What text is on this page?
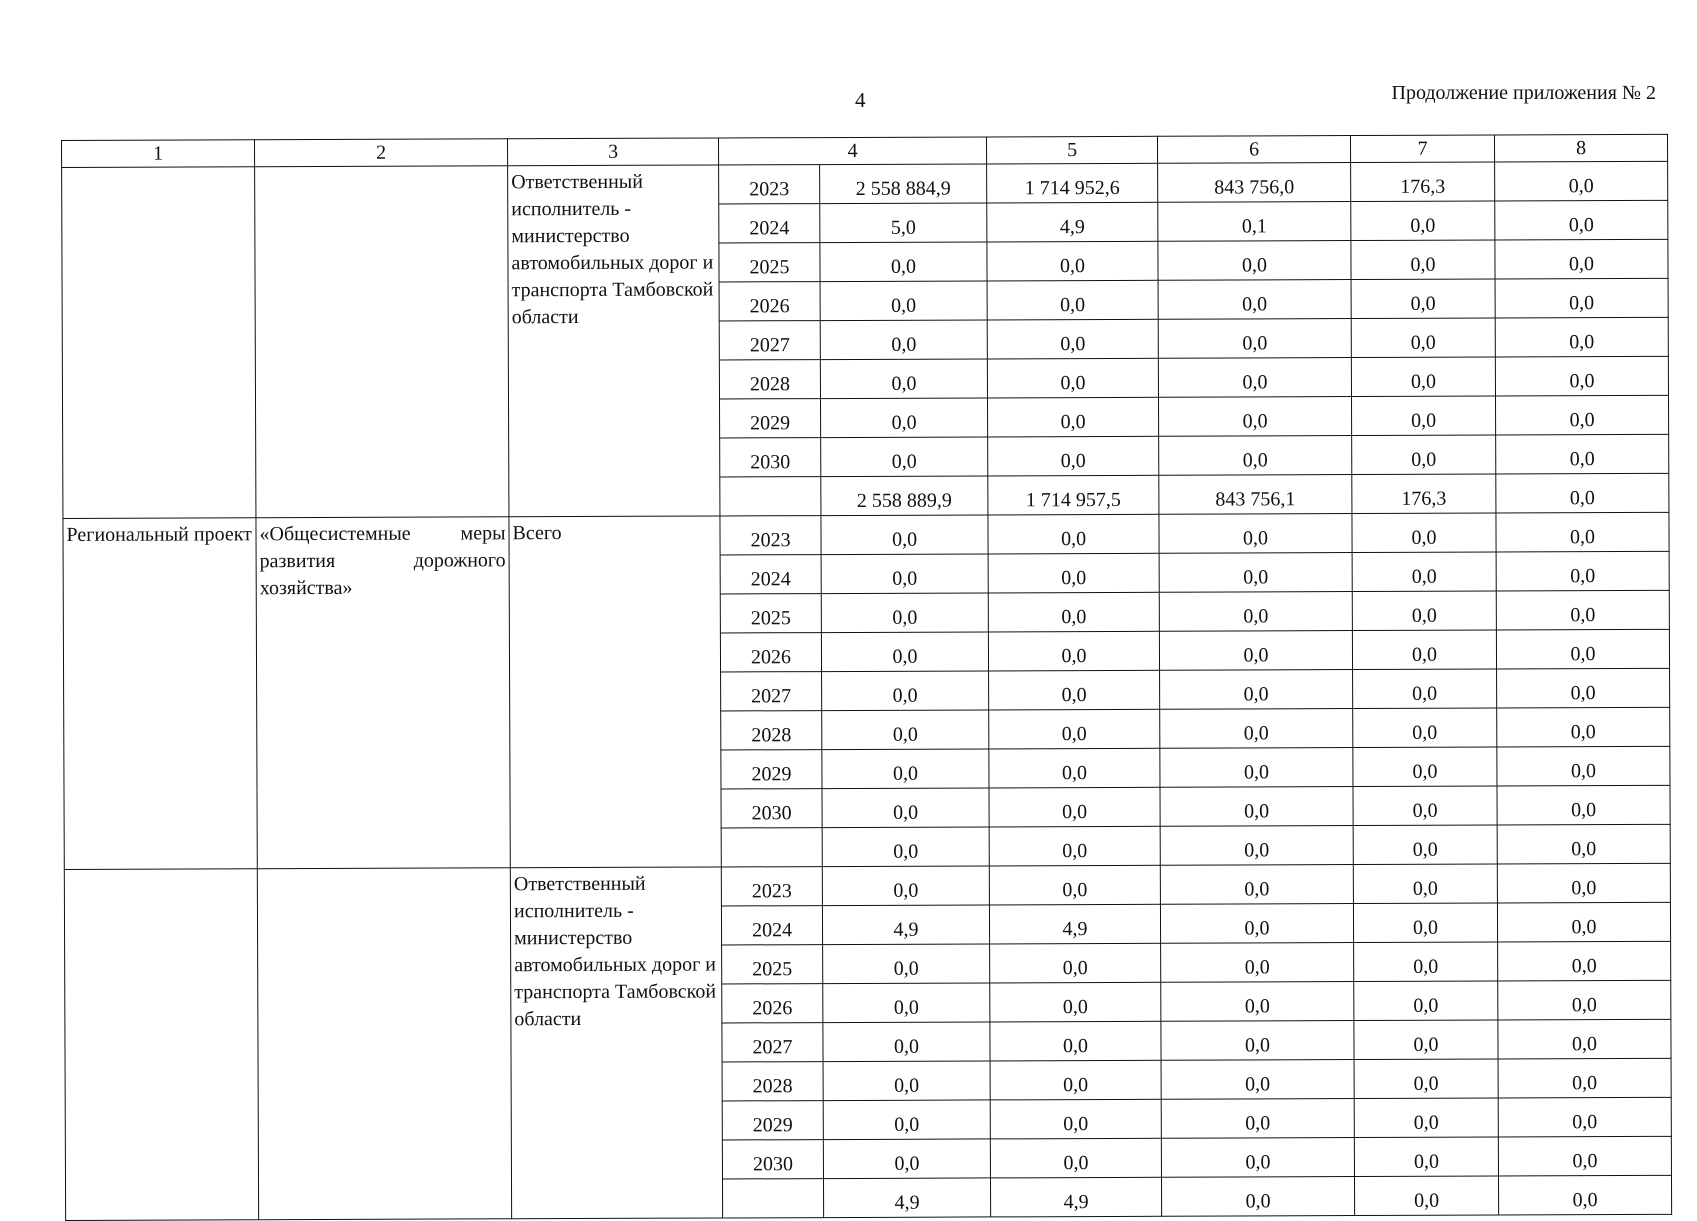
4	Продолжение приложения № 2
1	2	3	4		5	6	7	8
		Ответственный исполнитель - министерство автомобильных дорог и транспорта Тамбовской области	2023	2 558 884,9	1 714 952,6	843 756,0	176,3	0,0
			2024	5,0	4,9	0,1	0,0	0,0
			2025	0,0	0,0	0,0	0,0	0,0
			2026	0,0	0,0	0,0	0,0	0,0
			2027	0,0	0,0	0,0	0,0	0,0
			2028	0,0	0,0	0,0	0,0	0,0
			2029	0,0	0,0	0,0	0,0	0,0
			2030	0,0	0,0	0,0	0,0	0,0
				2 558 889,9	1 714 957,5	843 756,1	176,3	0,0
Региональный проект	«Общесистемные меры развития дорожного хозяйства»	Всего	2023	0,0	0,0	0,0	0,0	0,0
			2024	0,0	0,0	0,0	0,0	0,0
			2025	0,0	0,0	0,0	0,0	0,0
			2026	0,0	0,0	0,0	0,0	0,0
			2027	0,0	0,0	0,0	0,0	0,0
			2028	0,0	0,0	0,0	0,0	0,0
			2029	0,0	0,0	0,0	0,0	0,0
			2030	0,0	0,0	0,0	0,0	0,0
				0,0	0,0	0,0	0,0	0,0
		Ответственный исполнитель - министерство автомобильных дорог и транспорта Тамбовской области	2023	0,0	0,0	0,0	0,0	0,0
			2024	4,9	4,9	0,0	0,0	0,0
			2025	0,0	0,0	0,0	0,0	0,0
			2026	0,0	0,0	0,0	0,0	0,0
			2027	0,0	0,0	0,0	0,0	0,0
			2028	0,0	0,0	0,0	0,0	0,0
			2029	0,0	0,0	0,0	0,0	0,0
			2030	0,0	0,0	0,0	0,0	0,0
				4,9	4,9	0,0	0,0	0,0
